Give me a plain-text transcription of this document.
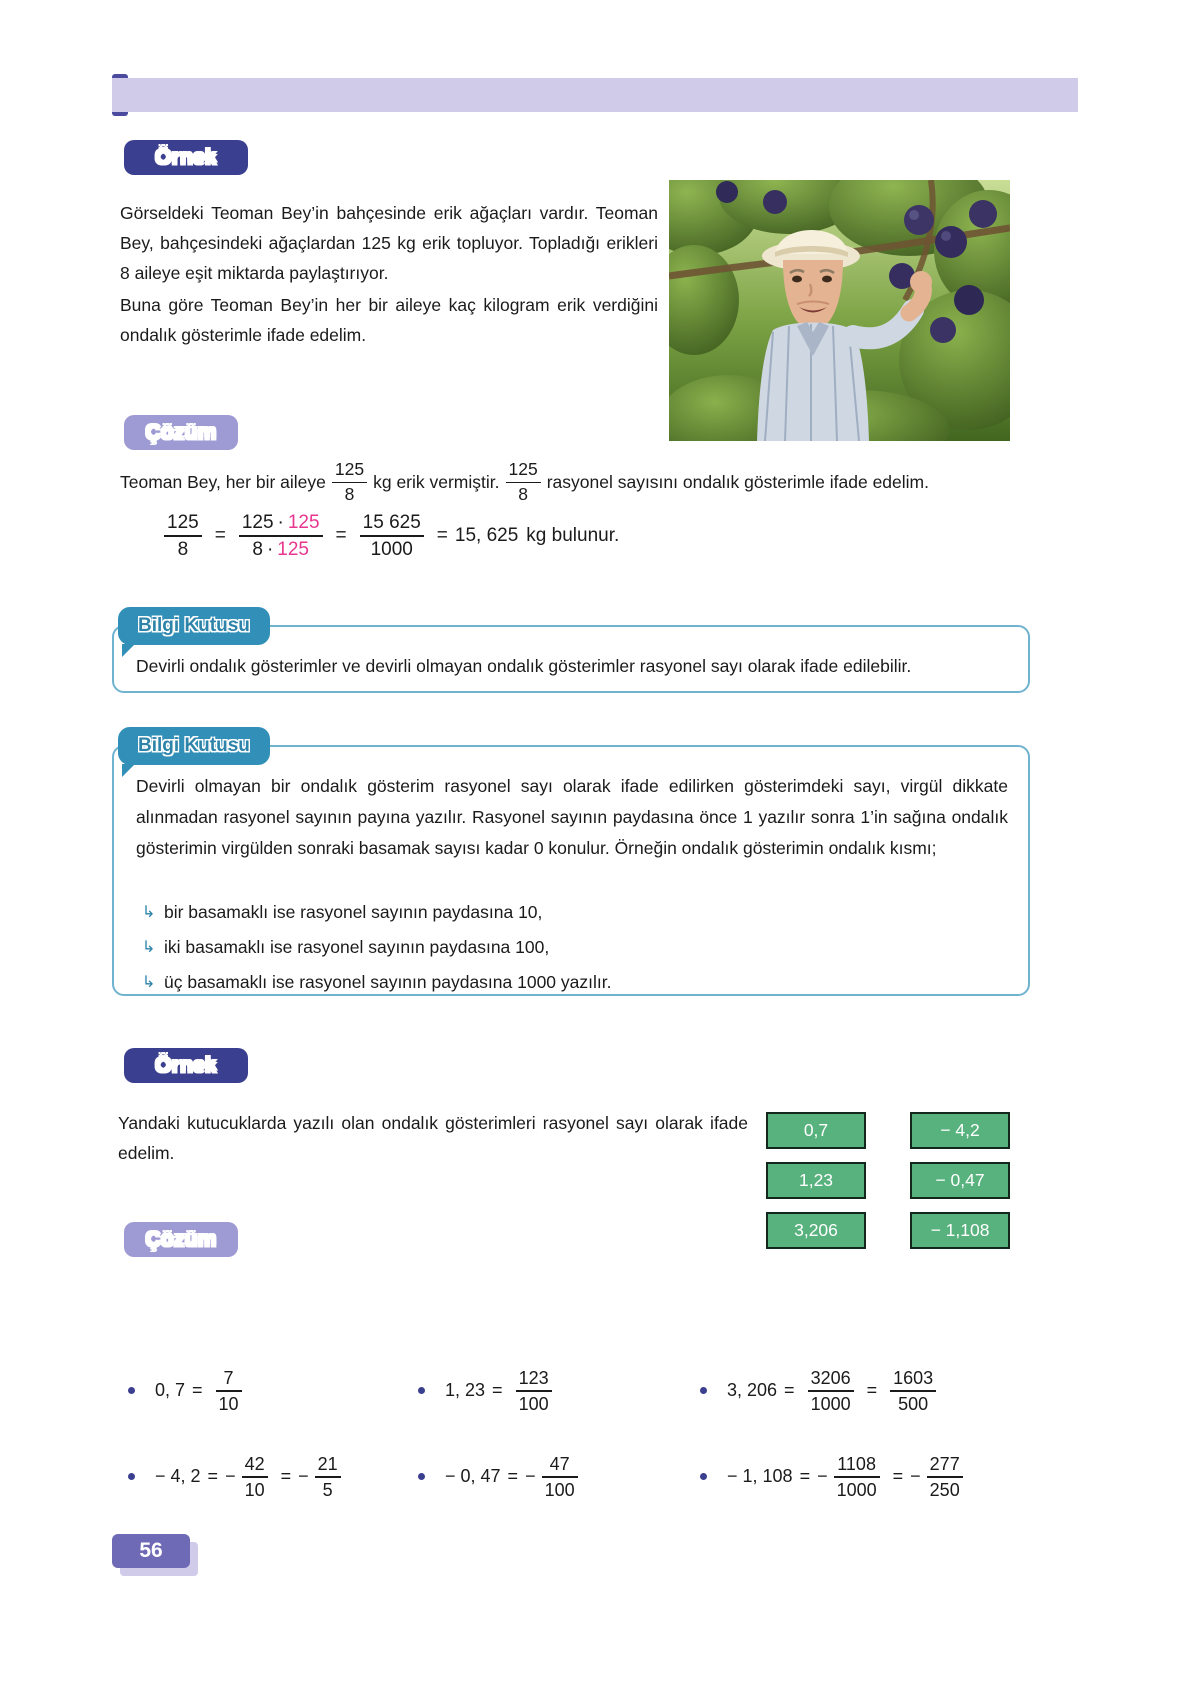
Örnek

Görseldeki Teoman Bey’in bahçesinde erik ağaçları vardır. Teoman Bey, bahçesindeki ağaçlardan 125 kg erik topluyor. Topladığı erikleri 8 aileye eşit miktarda paylaştırıyor.

Buna göre Teoman Bey’in her bir aileye kaç kilogram erik verdiğini ondalık gösterimle ifade edelim.

Çözüm
Teoman Bey, her bir aileye $\frac{125}{8}$ kg erik vermiştir. $\frac{125}{8}$ rasyonel sayısını ondalık gösterimle ifade edelim.
$\frac{125}{8} = \frac{125 \cdot 125}{8 \cdot 125} = \frac{15 625}{1000} = 15$, 625 kg bulunur.
Bilgi Kutusu
Devirli ondalık gösterimler ve devirli olmayan ondalık gösterimler rasyonel sayı olarak ifade edilebilir.
Bilgi Kutusu
Devirli olmayan bir ondalık gösterim rasyonel sayı olarak ifade edilirken gösterimdeki sayı, virgül dikkate alınmadan rasyonel sayının payına yazılır. Rasyonel sayının paydasına önce 1 yazılır sonra 1’in sağına ondalık gösterimin virgülden sonraki basamak sayısı kadar 0 konulur. Örneğin ondalık gösterimin ondalık kısmı;
↳ bir basamaklı ise rasyonel sayının paydasına 10,
↳ iki basamaklı ise rasyonel sayının paydasına 100,
↳ üç basamaklı ise rasyonel sayının paydasına 1000 yazılır.
Örnek

Yandaki kutucuklarda yazılı olan ondalık gösterimleri rasyonel sayı olarak ifade edelim.

0,7	− 4,2
1,23	− 0,47
3,206	− 1,108
Çözüm
0, $7 = \frac{7}{10}$	1, $23 = \frac{123}{100}$	3, $206 = \frac{3206}{1000} = \frac{1603}{500}$
− 4, 2 = − $\frac{42}{10}$ = − $\frac{21}{5}$	− 0, 47 = − $\frac{47}{100}$	− 1, 108 = − $\frac{1108}{1000}$ = − $\frac{277}{250}$
56
